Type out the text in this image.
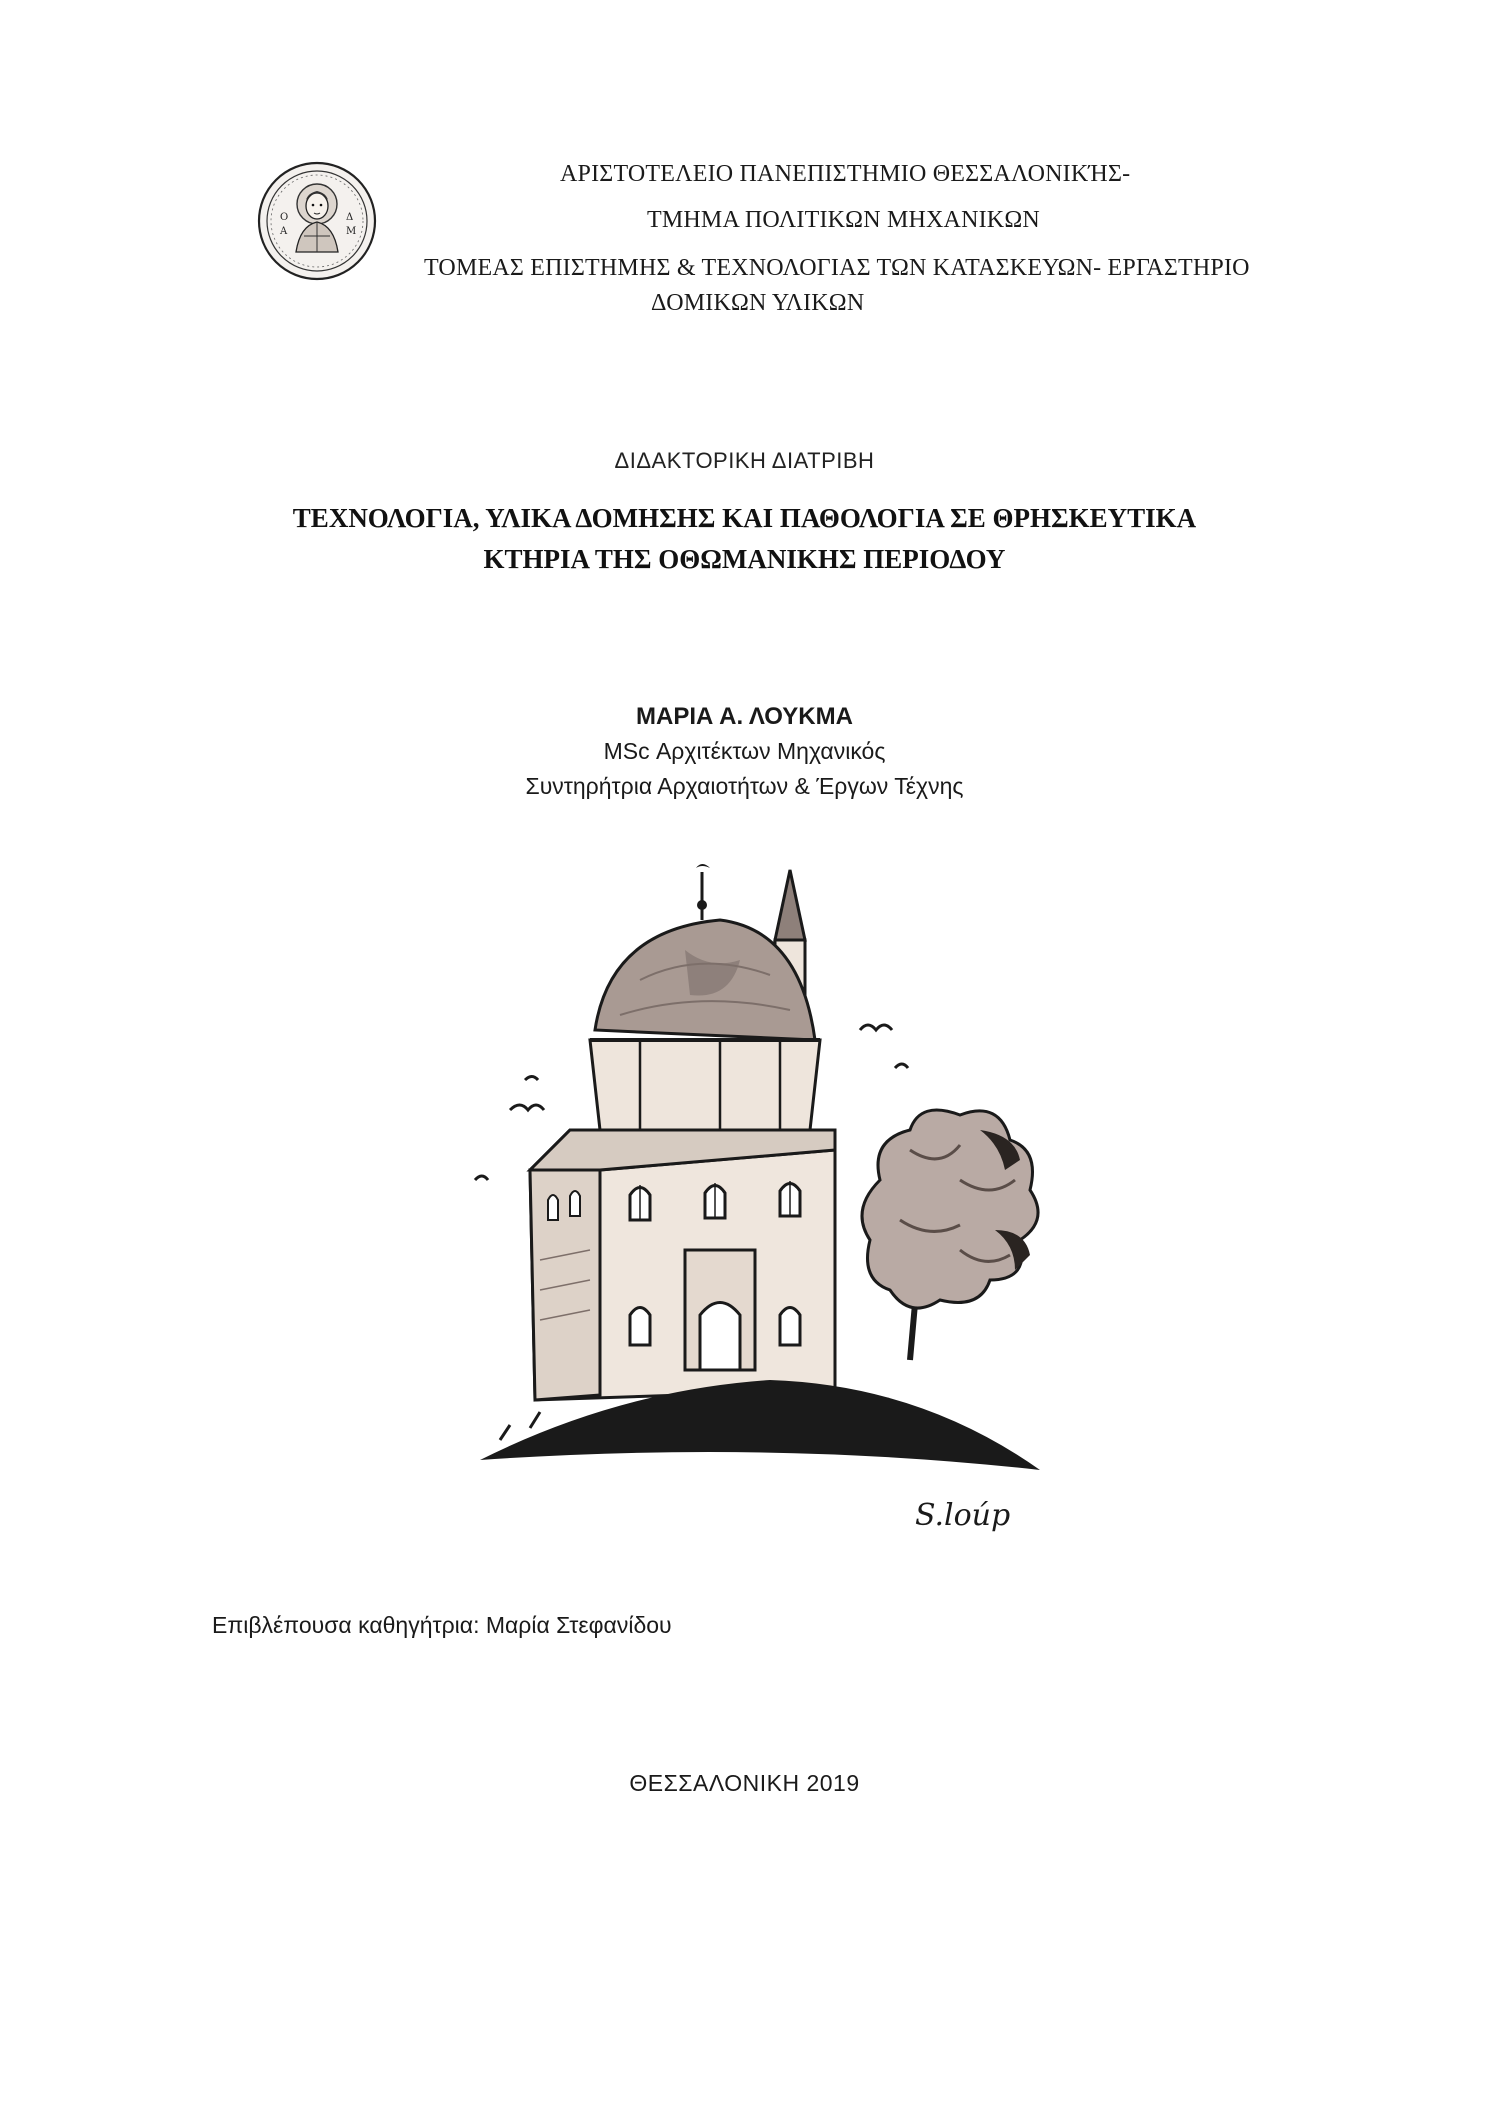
Ο
Α
Δ
Μ
ΑΡΙΣΤΟΤΕΛΕΙΟ ΠΑΝΕΠΙΣΤΗΜΙΟ ΘΕΣΣΑΛΟΝΙΚΉΣ-
ΤΜΗΜΑ ΠΟΛΙΤΙΚΩΝ ΜΗΧΑΝΙΚΩΝ
ΤΟΜΕΑΣ ΕΠΙΣΤΗΜΗΣ & ΤΕΧΝΟΛΟΓΙΑΣ ΤΩΝ ΚΑΤΑΣΚΕΥΩΝ- ΕΡΓΑΣΤΗΡΙΟ
ΔΟΜΙΚΩΝ ΥΛΙΚΩΝ
ΔΙΔΑΚΤΟΡΙΚΗ ΔΙΑΤΡΙΒΗ
ΤΕΧΝΟΛΟΓΙΑ, ΥΛΙΚΑ ΔΟΜΗΣΗΣ ΚΑΙ ΠΑΘΟΛΟΓΙΑ ΣΕ ΘΡΗΣΚΕΥΤΙΚΑ
ΚΤΗΡΙΑ ΤΗΣ ΟΘΩΜΑΝΙΚΗΣ ΠΕΡΙΟΔΟΥ
ΜΑΡΙΑ Α. ΛΟΥΚΜΑ
MSc Αρχιτέκτων Μηχανικός
Συντηρήτρια Αρχαιοτήτων & Έργων Τέχνης
S.loúp
Επιβλέπουσα καθηγήτρια: Μαρία Στεφανίδου
ΘΕΣΣΑΛΟΝΙΚΗ 2019
